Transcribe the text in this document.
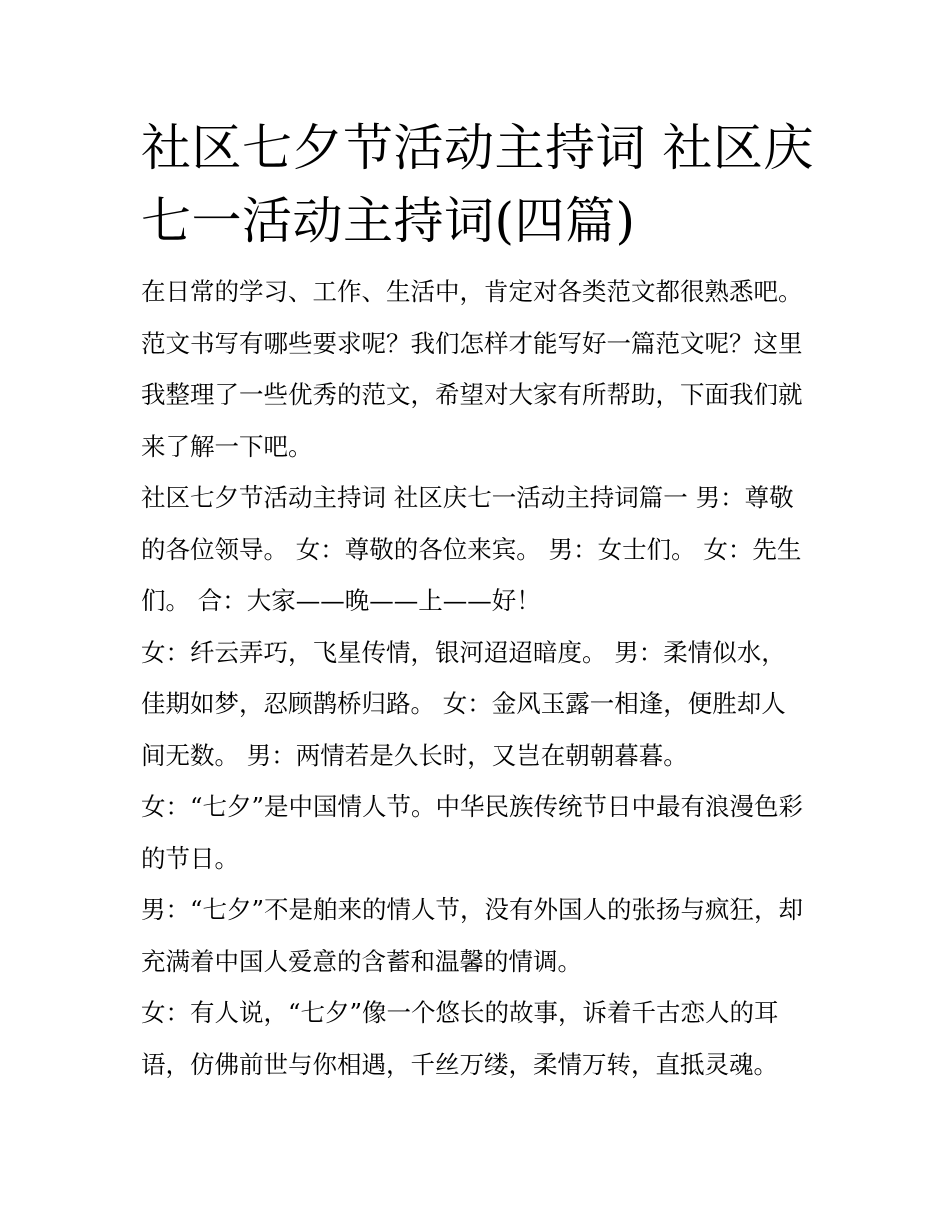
社区七夕节活动主持词 社区庆
七一活动主持词(四篇)

在日常的学习、工作、生活中，肯定对各类范文都很熟悉吧。
范文书写有哪些要求呢？我们怎样才能写好一篇范文呢？这里
我整理了一些优秀的范文，希望对大家有所帮助，下面我们就
来了解一下吧。

社区七夕节活动主持词 社区庆七一活动主持词篇一 男：尊敬
的各位领导。 女：尊敬的各位来宾。 男：女士们。 女：先生
们。 合：大家——晚——上——好！

女：纤云弄巧，飞星传情，银河迢迢暗度。 男：柔情似水，
佳期如梦，忍顾鹊桥归路。 女：金风玉露一相逢，便胜却人
间无数。 男：两情若是久长时，又岂在朝朝暮暮。

女：“七夕”是中国情人节。中华民族传统节日中最有浪漫色彩
的节日。

男：“七夕”不是舶来的情人节，没有外国人的张扬与疯狂，却
充满着中国人爱意的含蓄和温馨的情调。

女：有人说，“七夕”像一个悠长的故事，诉着千古恋人的耳
语，仿佛前世与你相遇，千丝万缕，柔情万转，直抵灵魂。
